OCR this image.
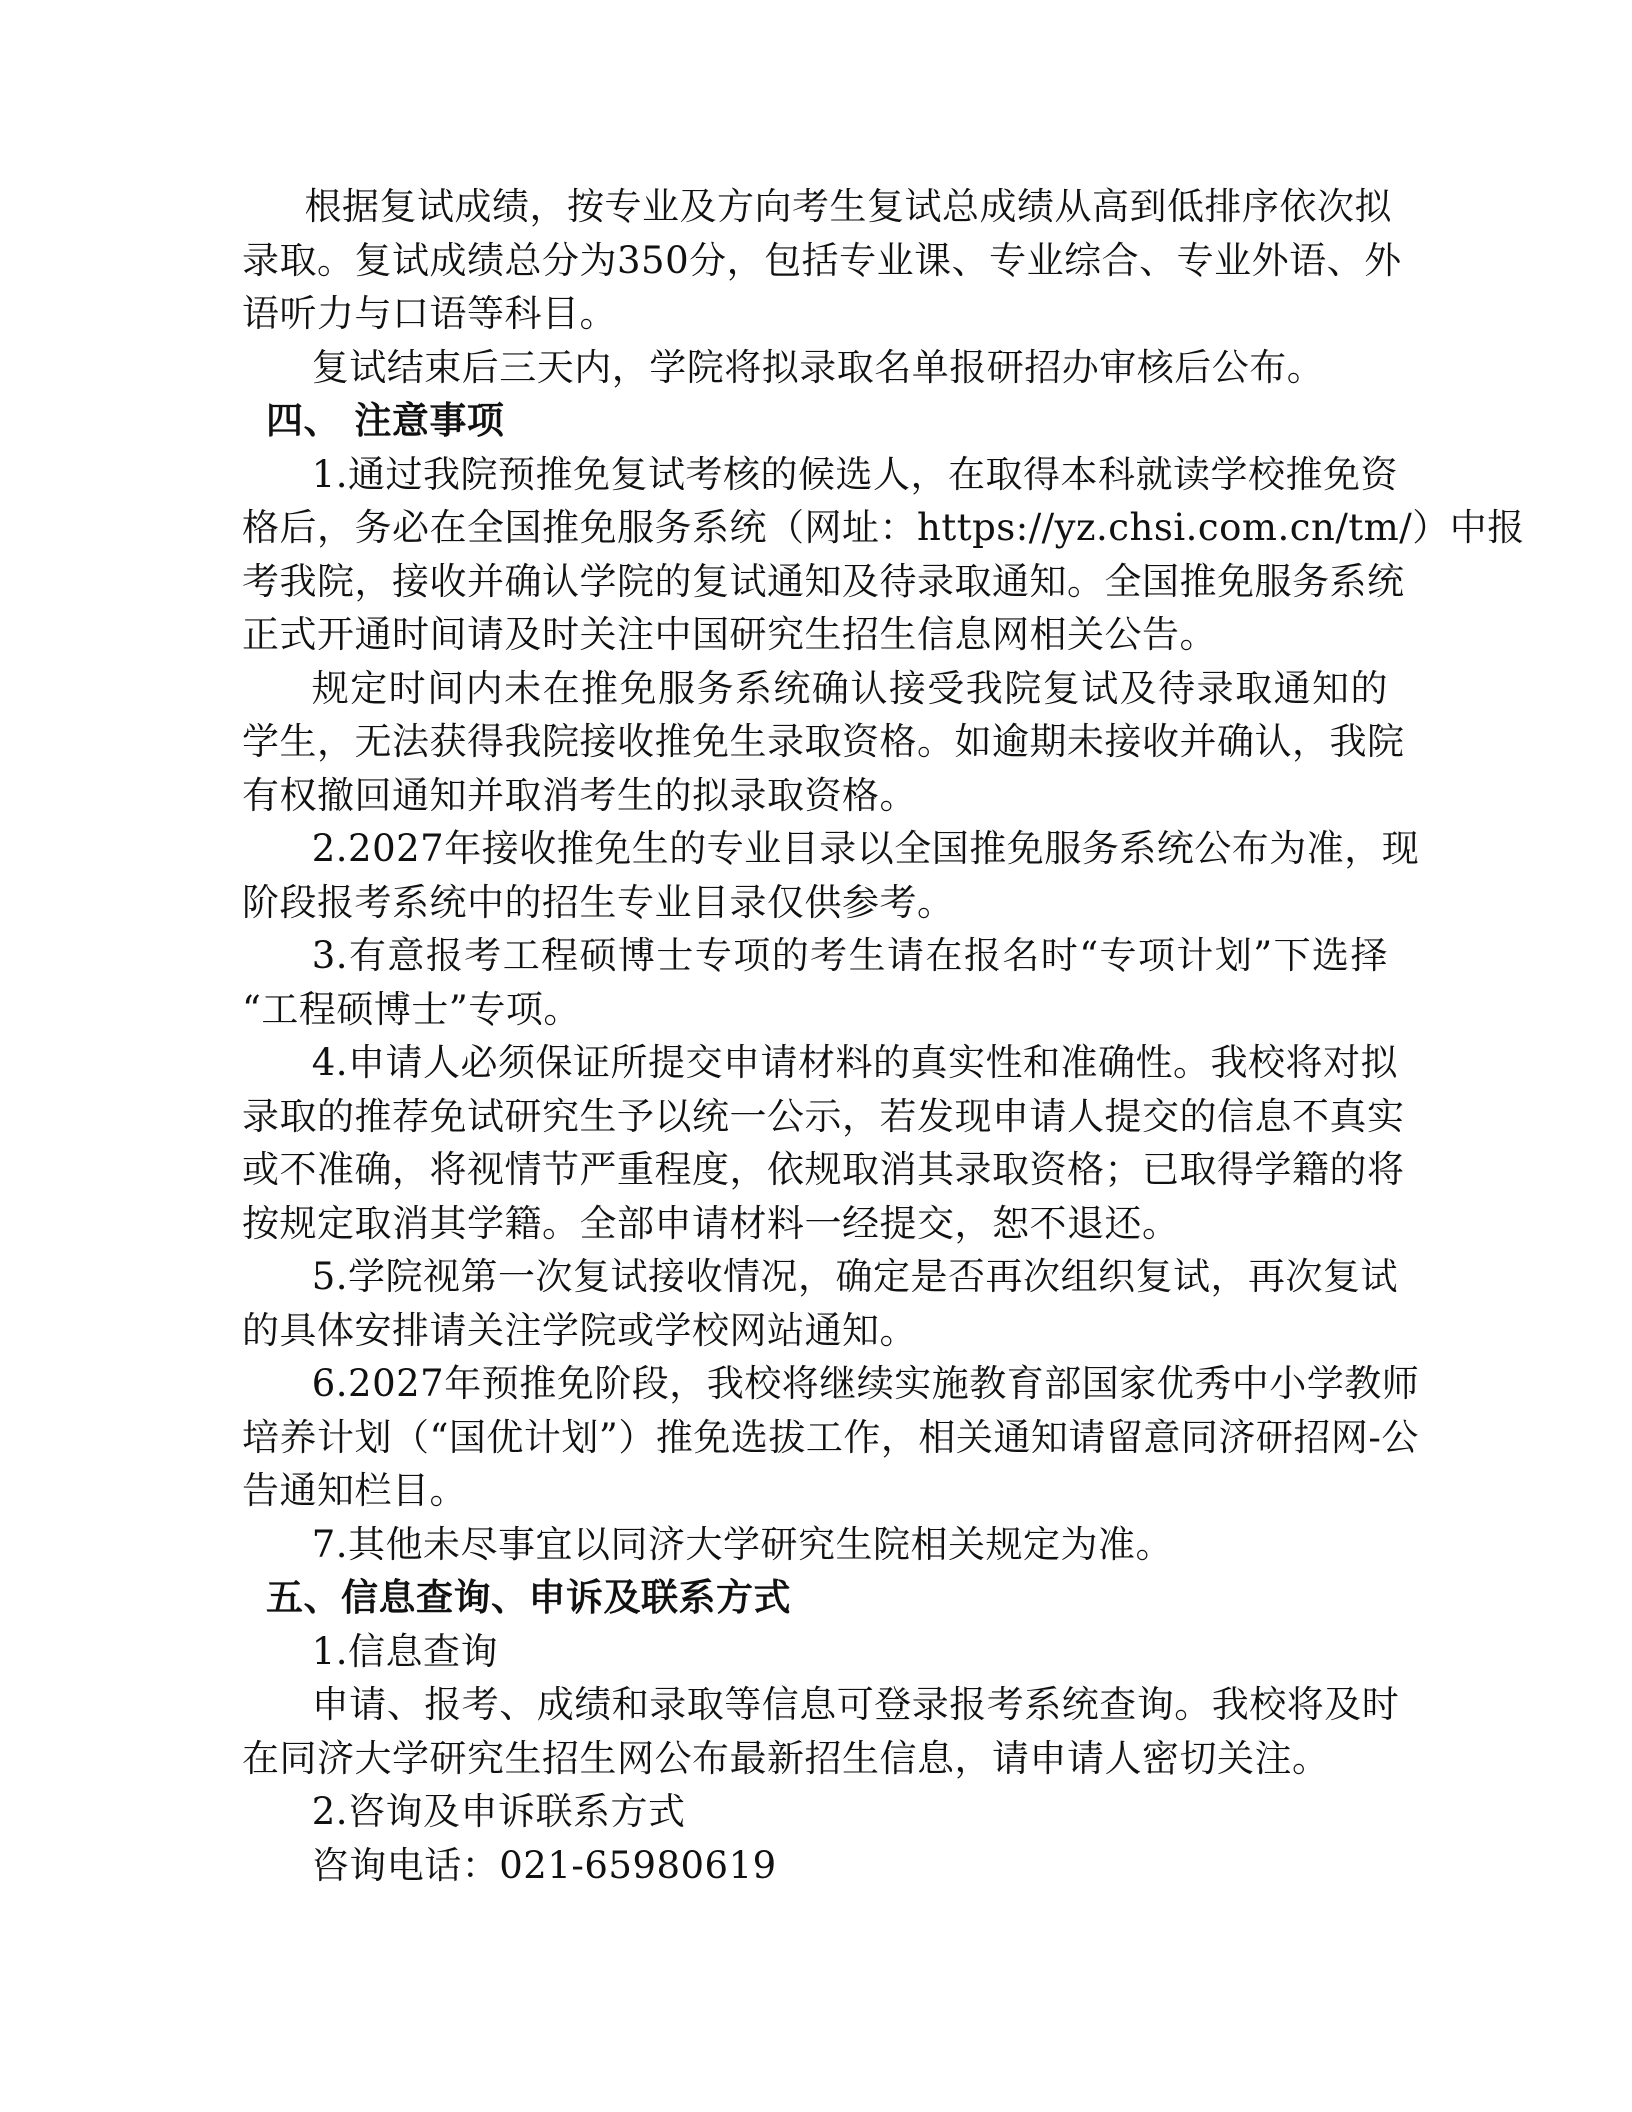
根据复试成绩，按专业及方向考生复试总成绩从高到低排序依次拟
录取。复试成绩总分为350分，包括专业课、专业综合、专业外语、外
语听力与口语等科目。
复试结束后三天内，学院将拟录取名单报研招办审核后公布。
四、 注意事项
1.通过我院预推免复试考核的候选人，在取得本科就读学校推免资
格后，务必在全国推免服务系统（网址：https://yz.chsi.com.cn/tm/）中报
考我院，接收并确认学院的复试通知及待录取通知。全国推免服务系统
正式开通时间请及时关注中国研究生招生信息网相关公告。
规定时间内未在推免服务系统确认接受我院复试及待录取通知的
学生，无法获得我院接收推免生录取资格。如逾期未接收并确认，我院
有权撤回通知并取消考生的拟录取资格。
2.2027年接收推免生的专业目录以全国推免服务系统公布为准，现
阶段报考系统中的招生专业目录仅供参考。
3.有意报考工程硕博士专项的考生请在报名时“专项计划”下选择
“工程硕博士”专项。
4.申请人必须保证所提交申请材料的真实性和准确性。我校将对拟
录取的推荐免试研究生予以统一公示，若发现申请人提交的信息不真实
或不准确，将视情节严重程度，依规取消其录取资格；已取得学籍的将
按规定取消其学籍。全部申请材料一经提交，恕不退还。
5.学院视第一次复试接收情况，确定是否再次组织复试，再次复试
的具体安排请关注学院或学校网站通知。
6.2027年预推免阶段，我校将继续实施教育部国家优秀中小学教师
培养计划（“国优计划”）推免选拔工作，相关通知请留意同济研招网-公
告通知栏目。
7.其他未尽事宜以同济大学研究生院相关规定为准。
五、信息查询、申诉及联系方式
1.信息查询
申请、报考、成绩和录取等信息可登录报考系统查询。我校将及时
在同济大学研究生招生网公布最新招生信息，请申请人密切关注。
2.咨询及申诉联系方式
咨询电话：021-65980619
